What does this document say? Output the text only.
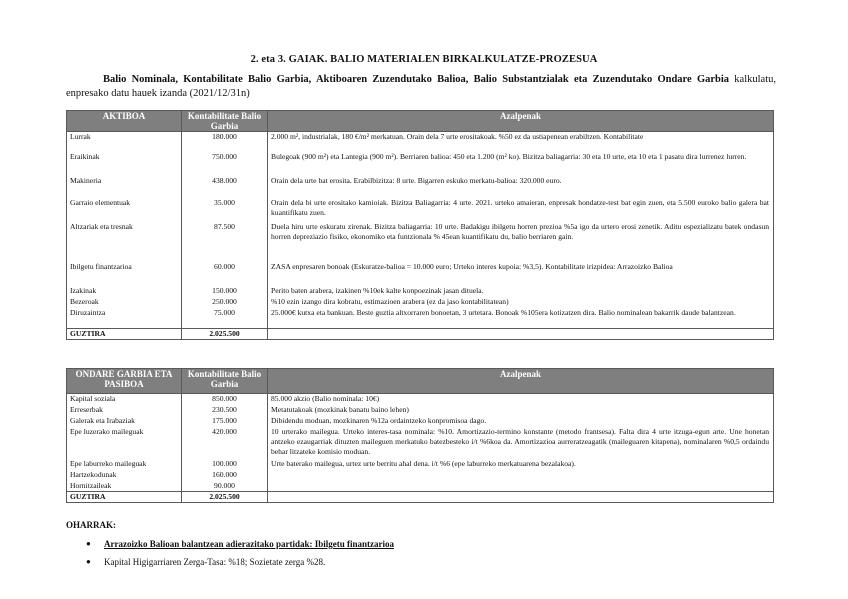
2. eta 3. GAIAK. BALIO MATERIALEN BIRKALKULATZE-PROZESUA
Balio Nominala, Kontabilitate Balio Garbia, Aktiboaren Zuzendutako Balioa, Balio Substantzialak eta Zuzendutako Ondare Garbia kalkulatu, enpresako datu hauek izanda (2021/12/31n)
AKTIBOA	Kontabilitate Balio Garbia	Azalpenak
Lurrak	180.000	2.000 m², industrialak, 180 €/m² merkatuan. Orain dela 7 urte erositakoak. %50 ez da ustiapenean erabiltzen. Kontabilitate
Eraikinak	750.000	Bulegoak (900 m²) eta Lantegia (900 m²). Berriaren balioa: 450 eta 1.200 (m² ko). Bizitza baliagarria: 30 eta 10 urte, eta 10 eta 1 pasatu dira lurrenez lurren.
Makineria	438.000	Orain dela urte bat erosita. Erabilbizitza: 8 urte. Bigarren eskuko merkatu-balioa: 320.000 euro.
Garraio elementuak	35.000	Orain dela bi urte erositako kamioiak. Bizitza Baliagarria: 4 urte. 2021. urteko amaieran, enpresak hondatze-test bat egin zuen, eta 5.500 euroko balio galera bat kuantifikatu zuen.
Altzariak eta tresnak	87.500	Duela hiru urte eskuratu zirenak. Bizitza baliagarria: 10 urte. Badakigu ibilgetu horren prezioa %5a igo da urtero erosi zenetik. Aditu espezializatu batek ondasun horren depreziazio fisiko, ekonomiko eta funtzionala % 45ean kuantifikatu du, balio berriaren gain.
Ibilgetu finantzarioa	60.000	ZASA enpresaren bonoak (Eskuratze-balioa = 10.000 euro; Urteko interes kupoia: %3,5). Kontabilitate irizpidea: Arrazoizko Balioa
Izakinak	150.000	Perito baten arabera, izakinen %10ek kalte konpoezinak jasan dituela.
Bezeroak	250.000	%10 ezin izango dira kobratu, estimazioen arabera (ez da jaso kontabilitatean)
Diruzaintza	75.000	25.000€ kutxa eta bankuan. Beste guztia altxorraren bonoetan, 3 urtetara. Bonoak %105era kotizatzen dira. Balio nominalean bakarrik daude balantzean.
GUZTIRA	2.025.500	
ONDARE GARBIA ETA PASIBOA	Kontabilitate Balio Garbia	Azalpenak
Kapital soziala	850.000	85.000 akzio (Balio nominala: 10€)
Erreserbak	230.500	Metatutakoak (mozkinak banatu baino lehen)
Galerak eta Irabaziak	175.000	Dibidendu moduan, mozkinaren %12a ordaintzeko konpromisoa dago.
Epe luzerako maileguak	420.000	10 urterako mailegua. Urteko interes-tasa nominala: %10. Amortizazio-termino konstante (metodo frantsesa). Falta dira 4 urte itzuga-egun arte. Une honetan antzeko ezaugarriak dituzten maileguen merkatuko batezbesteko i/t %6koa da. Amortizazioa aurreratzeagatik (maileguaren kitapena), nominalaren %0,5 ordaindu behar litzateke komisio moduan.
Epe laburreko maileguak	100.000	Urte baterako mailegua, urtez urte berritu ahal dena. i/t %6 (epe laburreko merkatuarena bezalakoa).
Hartzekodunak	160.000	
Hornitzaileak	90.000	
GUZTIRA	2.025.500	
OHARRAK:
● Arrazoizko Balioan balantzean adierazitako partidak: Ibilgetu finantzarioa
● Kapital Higigarriaren Zerga-Tasa: %18; Sozietate zerga %28.
